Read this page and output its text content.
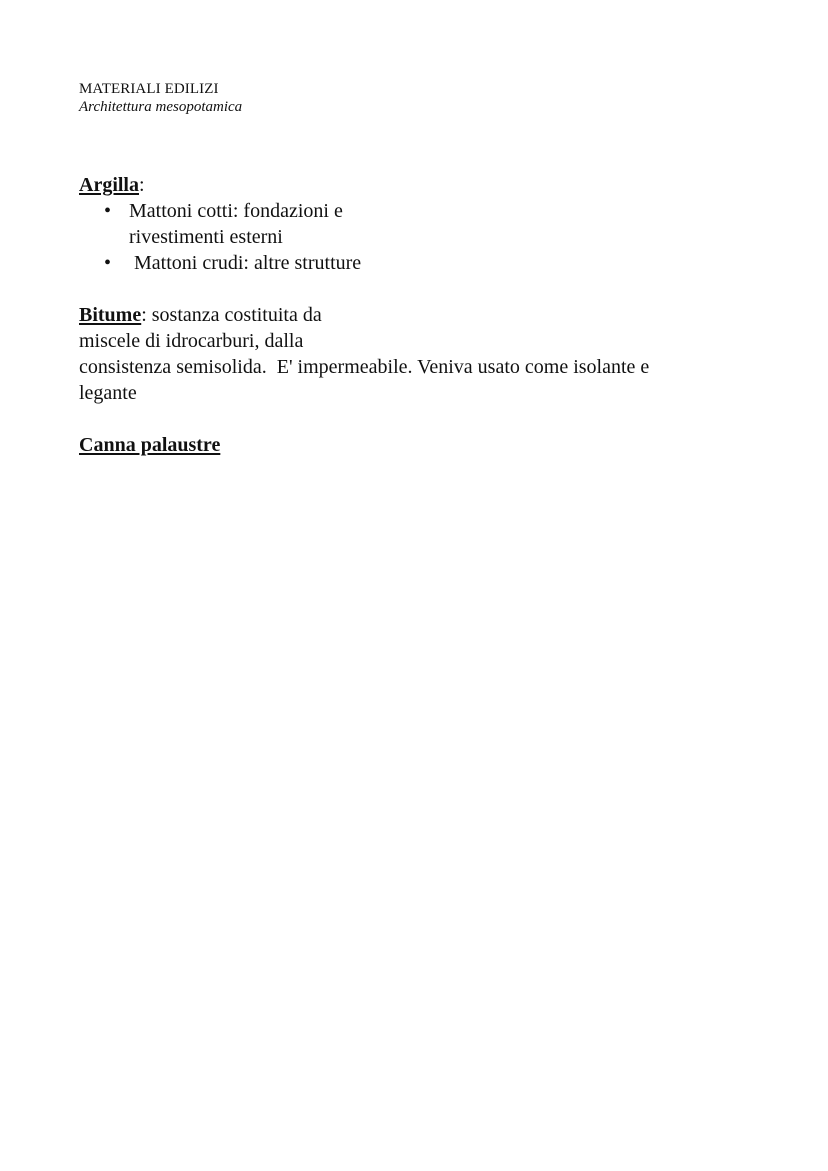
MATERIALI EDILIZI
Architettura mesopotamica
Argilla:
• Mattoni cotti: fondazioni e
rivestimenti esterni
• Mattoni crudi: altre strutture
Bitume: sostanza costituita da
miscele di idrocarburi, dalla
consistenza semisolida.  E' impermeabile. Veniva usato come isolante e
legante
Canna palaustre
